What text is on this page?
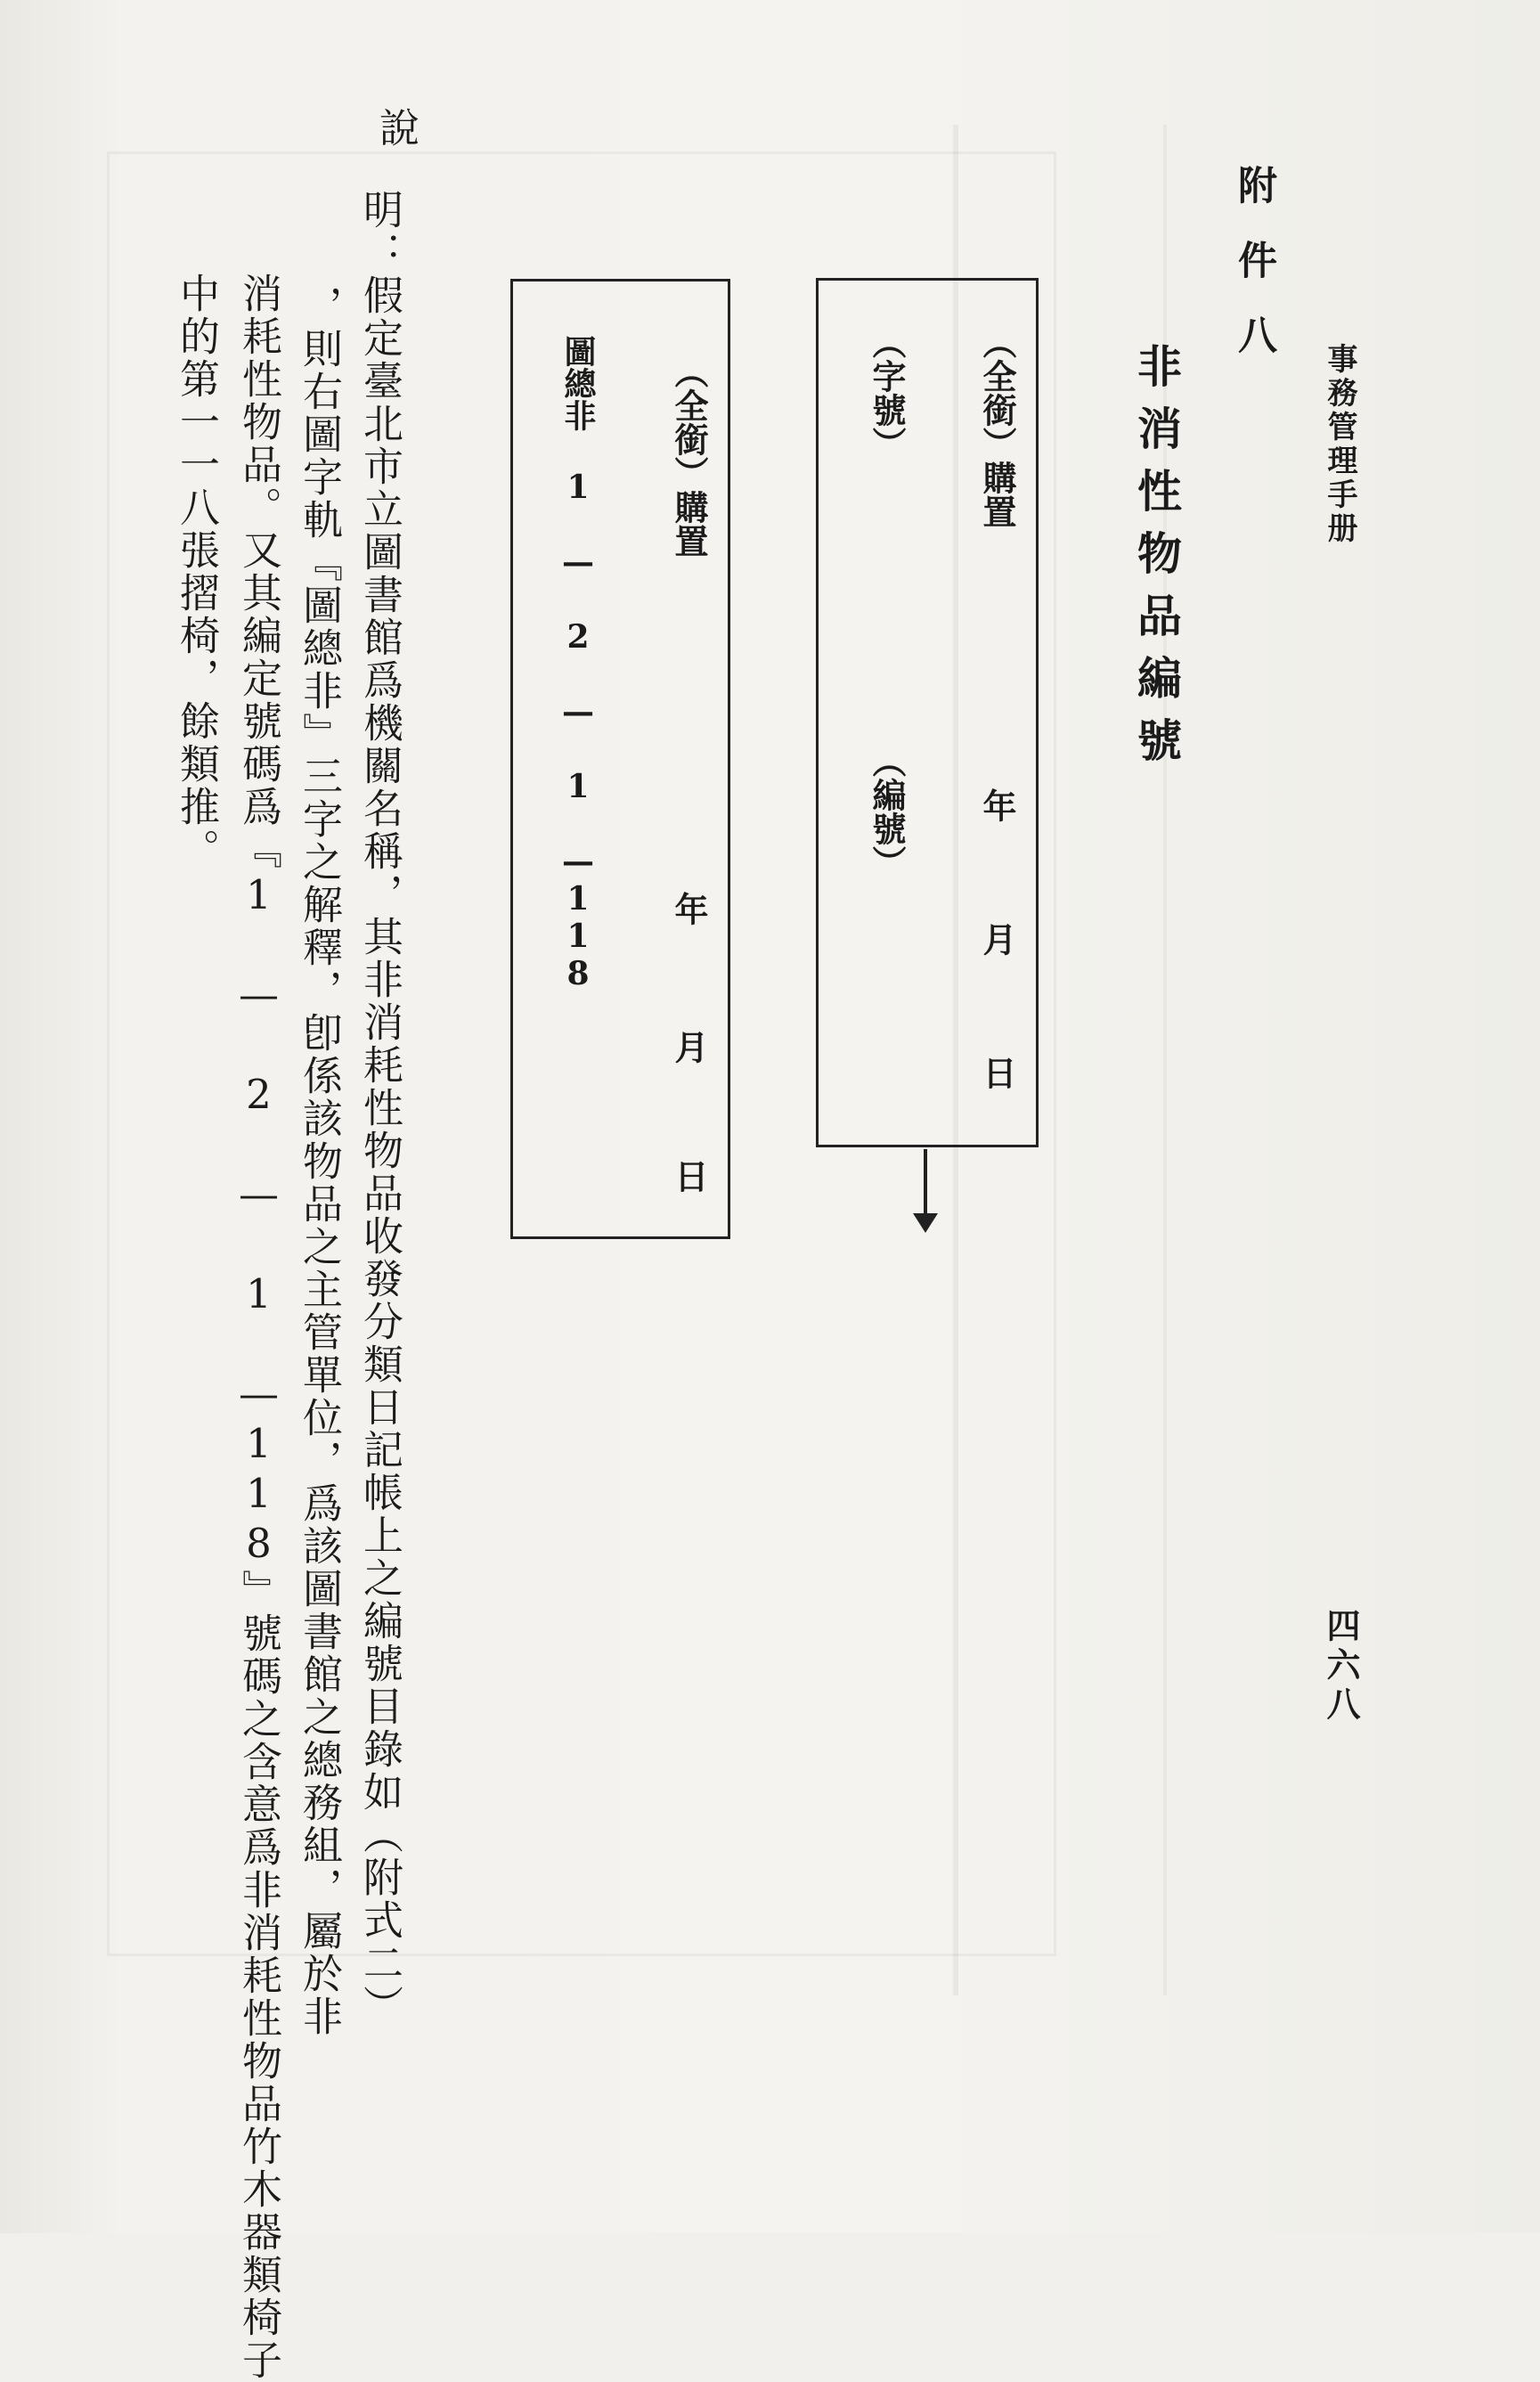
事務管理手册
四六八
附件八
非消性物品編號
（全銜）購置
年
月
日
（字號）
（編號）
（全銜）購置
年
月
日
圖總非 1 — 2 — 1 —118
說
明：假定臺北市立圖書館爲機關名稱，其非消耗性物品收發分類日記帳上之編號目錄如（附式二）
，則右圖字軌『圖總非』三字之解釋，卽係該物品之主管單位，爲該圖書館之總務組，屬於非
消耗性物品。又其編定號碼爲『1 — 2 — 1 —118』號碼之含意爲非消耗性物品竹木器類椅子
中的第一一八張摺椅，餘類推。
